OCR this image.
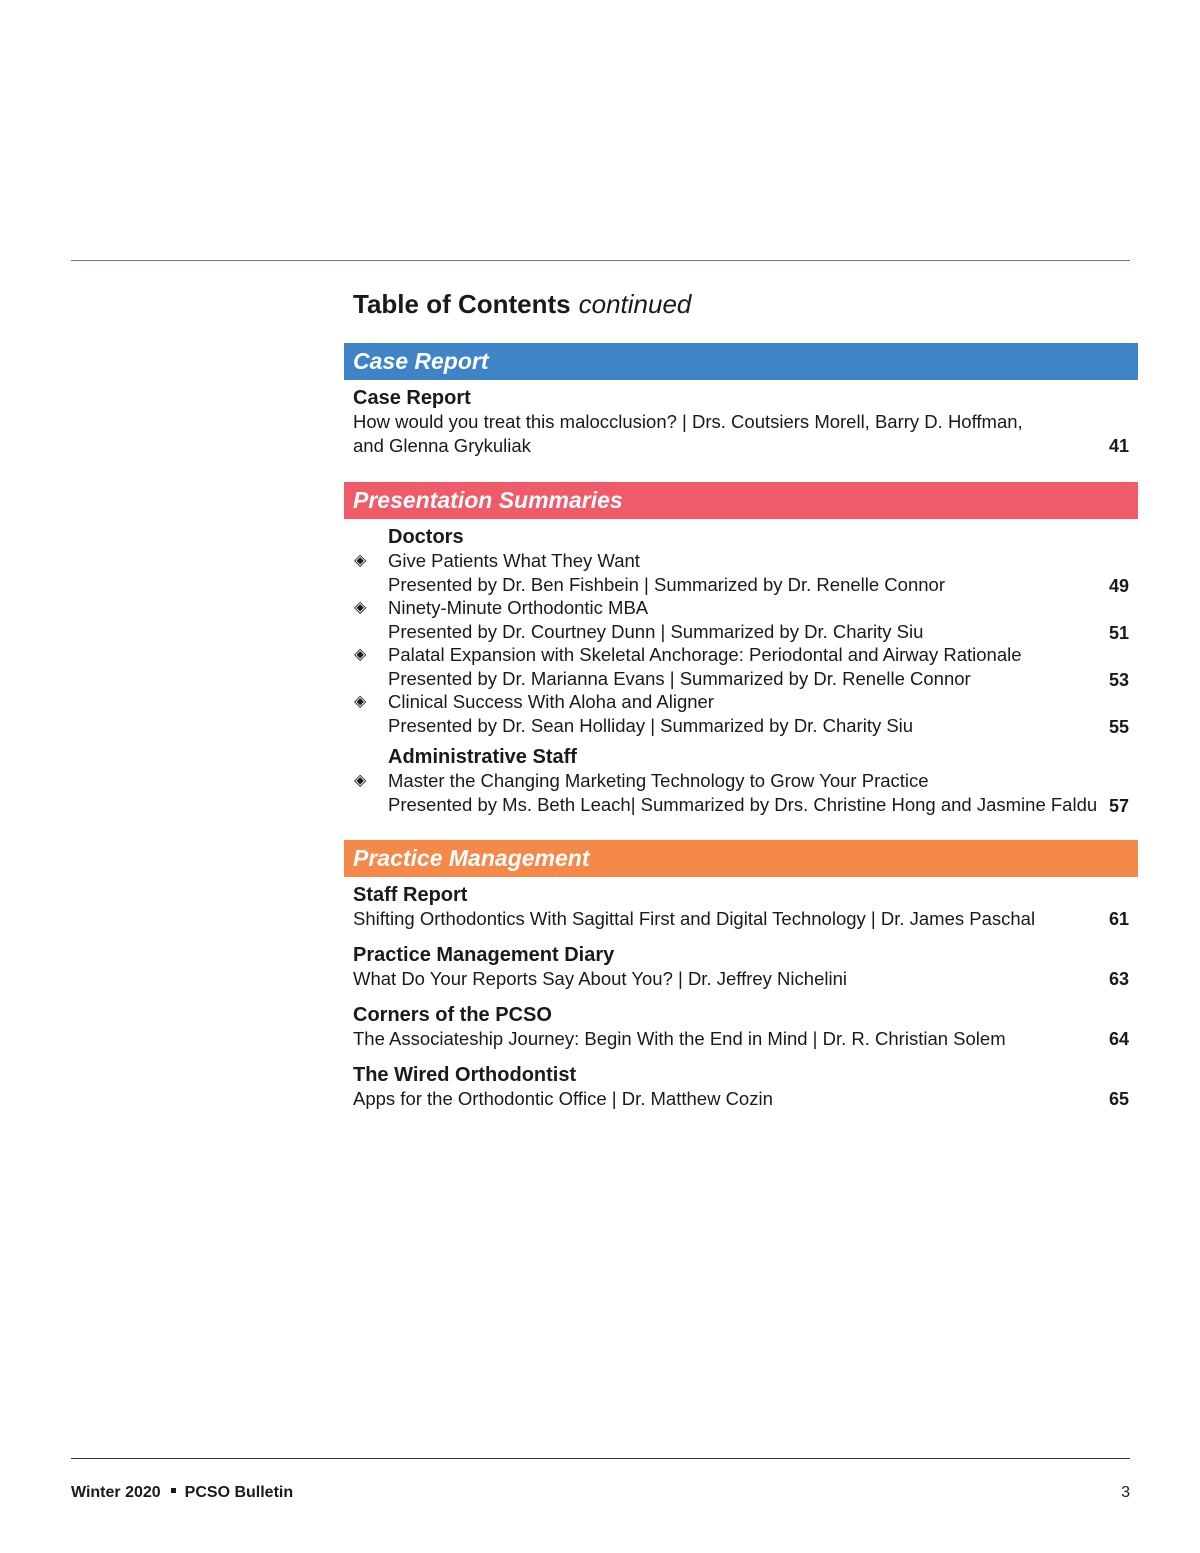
Table of Contents continued
Case Report
Case Report
How would you treat this malocclusion? | Drs. Coutsiers Morell, Barry D. Hoffman,
and Glenna Grykuliak	41
Presentation Summaries
Doctors
◈ Give Patients What They Want
Presented by Dr. Ben Fishbein | Summarized by Dr. Renelle Connor	49
◈ Ninety-Minute Orthodontic MBA
Presented by Dr. Courtney Dunn | Summarized by Dr. Charity Siu	51
◈ Palatal Expansion with Skeletal Anchorage: Periodontal and Airway Rationale
Presented by Dr. Marianna Evans | Summarized by Dr. Renelle Connor	53
◈ Clinical Success With Aloha and Aligner
Presented by Dr. Sean Holliday | Summarized by Dr. Charity Siu	55
Administrative Staff
◈ Master the Changing Marketing Technology to Grow Your Practice
Presented by Ms. Beth Leach| Summarized by Drs. Christine Hong and Jasmine Faldu 57
Practice Management
Staff Report
Shifting Orthodontics With Sagittal First and Digital Technology | Dr. James Paschal	61
Practice Management Diary
What Do Your Reports Say About You? | Dr. Jeffrey Nichelini	63
Corners of the PCSO
The Associateship Journey: Begin With the End in Mind | Dr. R. Christian Solem	64
The Wired Orthodontist
Apps for the Orthodontic Office | Dr. Matthew Cozin	65
Winter 2020 PCSO Bulletin	3
